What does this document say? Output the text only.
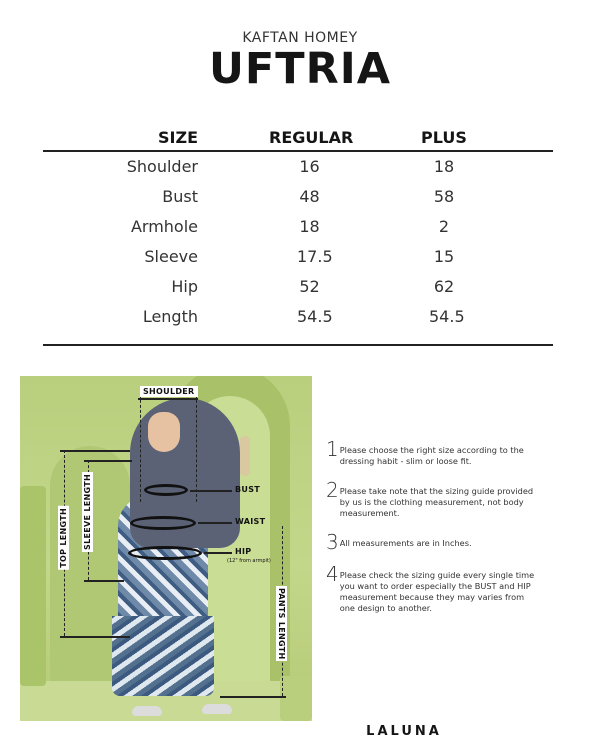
KAFTAN HOMEY
UFTRIA
SIZE	REGULAR	PLUS
Shoulder	16	18
Bust	48	58
Armhole	18	2
Sleeve	17.5	15
Hip	52	62
Length	54.5	54.5
SHOULDER
BUST
WAIST
HIP
(12" from armpit)
TOP LENGTH SLEEVE LENGTH
PANTS LENGTH
1 Please choose the right size according to the dressing habit - slim or loose fit.
2 Please take note that the sizing guide provided by us is the clothing measurement, not body measurement.
3 All measurements are in Inches.
4 Please check the sizing guide every single time you want to order especially the BUST and HIP measurement because they may varies from one design to another.
LALUNA
